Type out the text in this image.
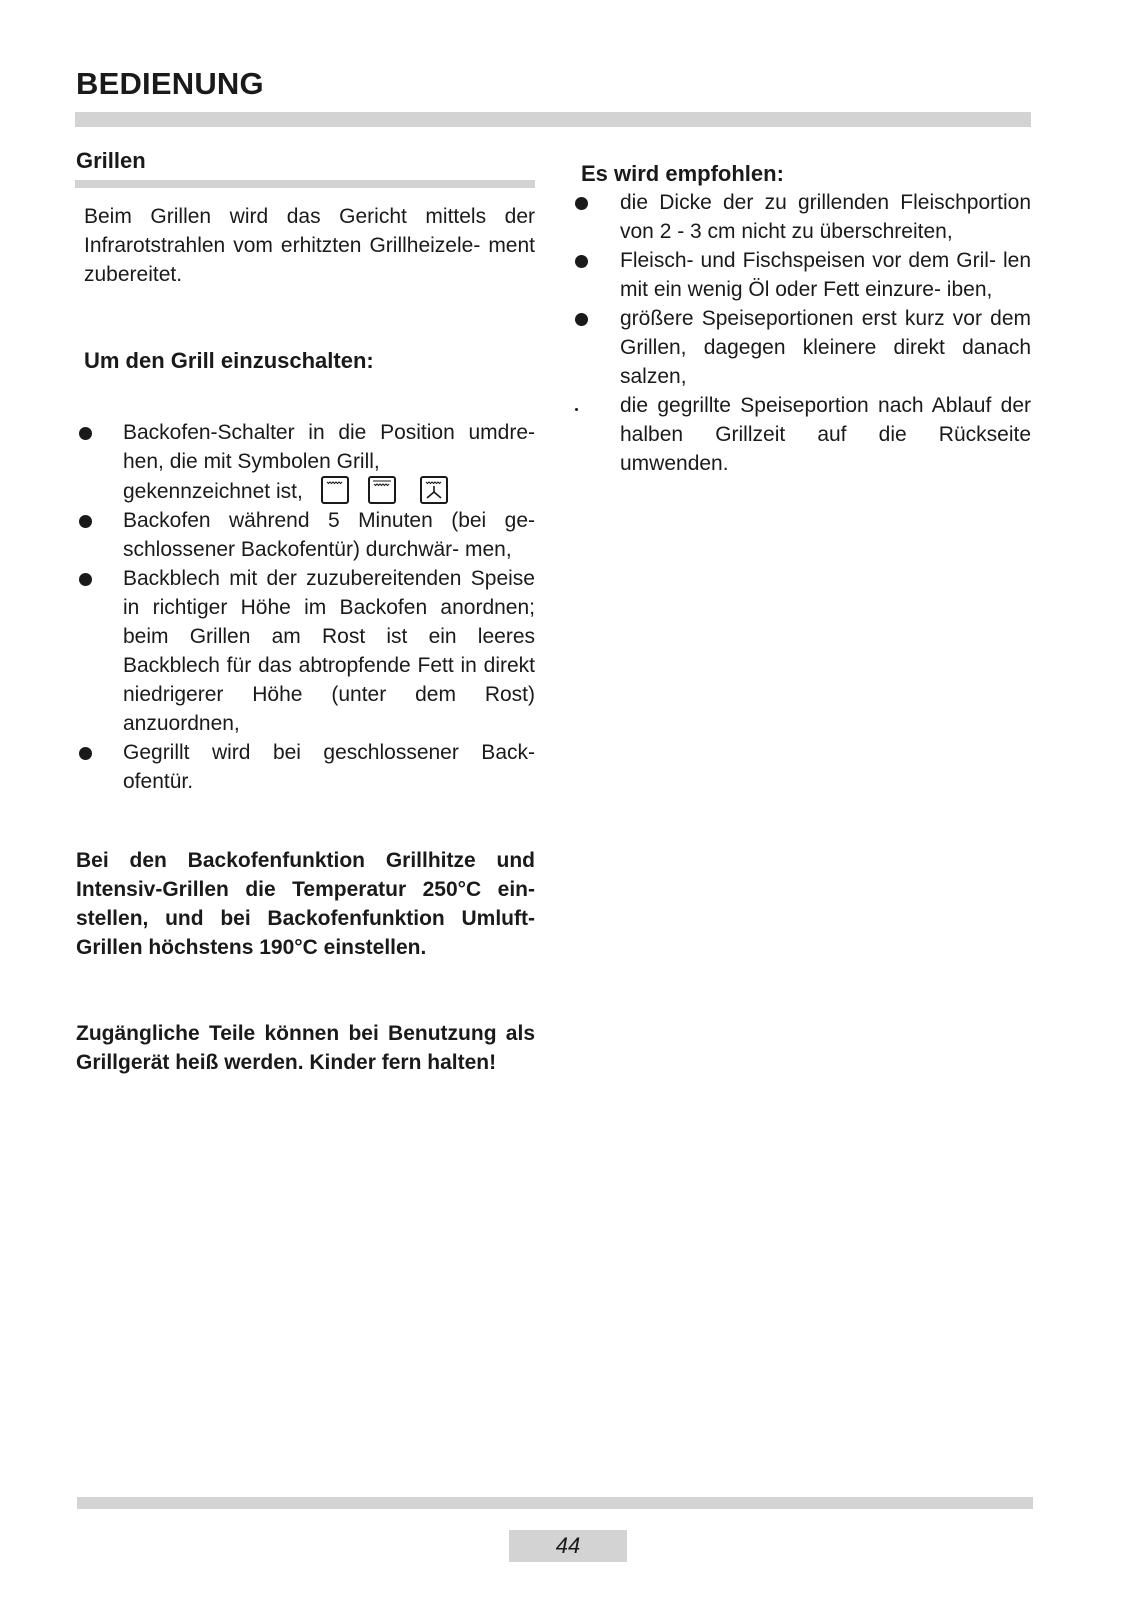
BEDIENUNG
Grillen
Beim Grillen wird das Gericht mittels der Infrarotstrahlen vom erhitzten Grillheizele- ment zubereitet.
Um den Grill einzuschalten:
Backofen-Schalter in die Position umdre- hen, die mit Symbolen Grill,
gekennzeichnet ist,

Backofen während 5 Minuten (bei ge- schlossener Backofentür) durchwär- men,
Backblech mit der zuzubereitenden Speise in richtiger Höhe im Backofen anordnen; beim Grillen am Rost ist ein leeres Backblech für das abtropfende Fett in direkt niedrigerer Höhe (unter dem Rost) anzuordnen,
Gegrillt wird bei geschlossener Back- ofentür.
Bei den Backofenfunktion Grillhitze und Intensiv-Grillen die Temperatur 250°C ein- stellen, und bei Backofenfunktion Umluft- Grillen höchstens 190°C einstellen.
Zugängliche Teile können bei Benutzung als Grillgerät heiß werden. Kinder fern halten!
Es wird empfohlen:
die Dicke der zu grillenden Fleischportion von 2 - 3 cm nicht zu überschreiten,
Fleisch- und Fischspeisen vor dem Gril- len mit ein wenig Öl oder Fett einzure- iben,
größere Speiseportionen erst kurz vor dem Grillen, dagegen kleinere direkt danach salzen,
die gegrillte Speiseportion nach Ablauf der halben Grillzeit auf die Rückseite umwenden.
44
